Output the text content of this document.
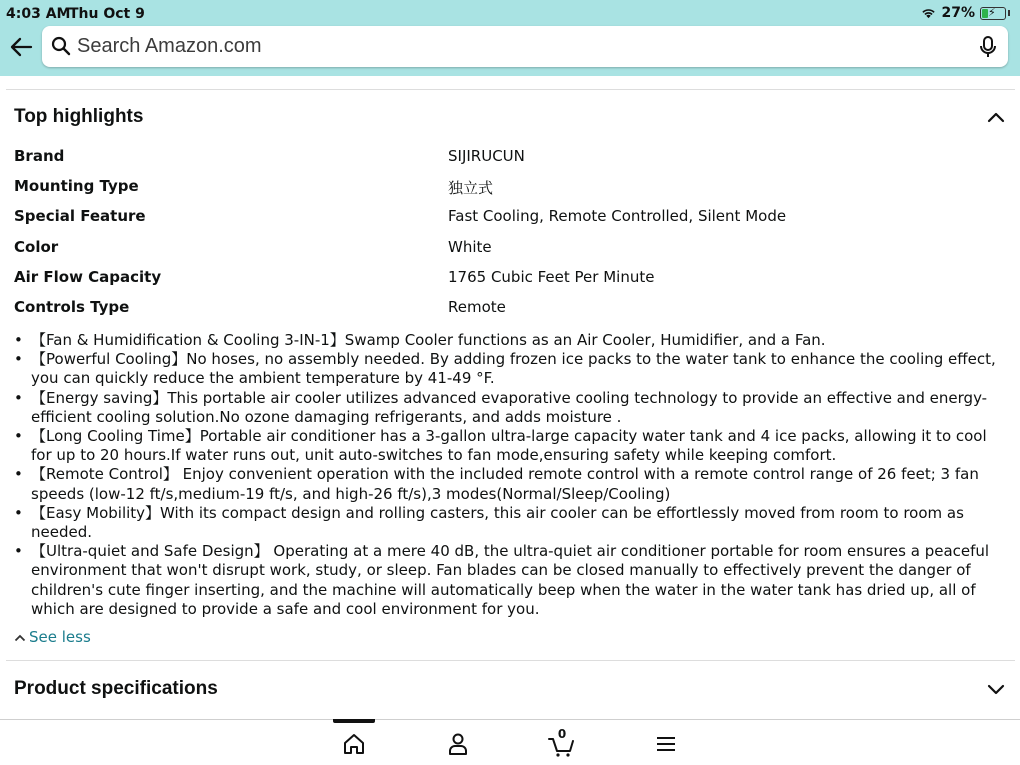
4:03 AM
Thu Oct 9	27% ⚡
Search Amazon.com
Top highlights
Brand	SIJIRUCUN
Mounting Type	独立式
Special Feature	Fast Cooling, Remote Controlled, Silent Mode
Color	White
Air Flow Capacity	1765 Cubic Feet Per Minute
Controls Type	Remote
• 【Fan & Humidification & Cooling 3-IN-1】Swamp Cooler functions as an Air Cooler, Humidifier, and a Fan.
• 【Powerful Cooling】No hoses, no assembly needed. By adding frozen ice packs to the water tank to enhance the cooling effect, you can quickly reduce the ambient temperature by 41-49 °F.
• 【Energy saving】This portable air cooler utilizes advanced evaporative cooling technology to provide an effective and energy-efficient cooling solution.No ozone damaging refrigerants, and adds moisture .
• 【Long Cooling Time】Portable air conditioner has a 3-gallon ultra-large capacity water tank and 4 ice packs, allowing it to cool for up to 20 hours.If water runs out, unit auto-switches to fan mode,ensuring safety while keeping comfort.
• 【Remote Control】 Enjoy convenient operation with the included remote control with a remote control range of 26 feet; 3 fan speeds (low-12 ft/s,medium-19 ft/s, and high-26 ft/s),3 modes(Normal/Sleep/Cooling)
• 【Easy Mobility】With its compact design and rolling casters, this air cooler can be effortlessly moved from room to room as needed.
• 【Ultra-quiet and Safe Design】 Operating at a mere 40 dB, the ultra-quiet air conditioner portable for room ensures a peaceful environment that won't disrupt work, study, or sleep. Fan blades can be closed manually to effectively prevent the danger of children's cute finger inserting, and the machine will automatically beep when the water in the water tank has dried up, all of which are designed to provide a safe and cool environment for you.
See less
Product specifications
0
